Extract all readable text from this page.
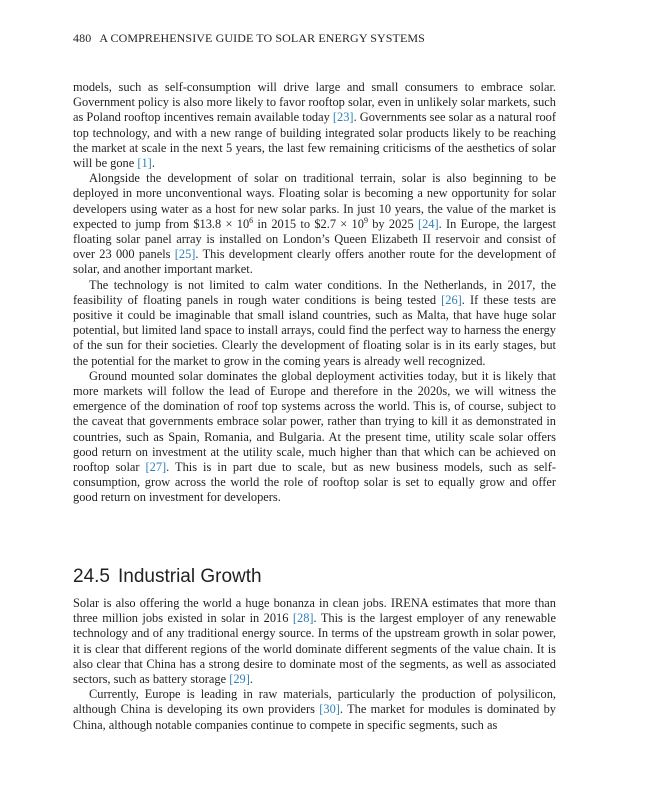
480 A COMPREHENSIVE GUIDE TO SOLAR ENERGY SYSTEMS

models, such as self-consumption will drive large and small consumers to embrace solar. Government policy is also more likely to favor rooftop solar, even in unlikely solar markets, such as Poland rooftop incentives remain available today [23]. Governments see solar as a natural roof top technology, and with a new range of building integrated solar products likely to be reaching the market at scale in the next 5 years, the last few remaining criticisms of the aesthetics of solar will be gone [1].

Alongside the development of solar on traditional terrain, solar is also beginning to be deployed in more unconventional ways. Floating solar is becoming a new opportunity for solar developers using water as a host for new solar parks. In just 10 years, the value of the market is expected to jump from $13.8 × $10^6$ in 2015 to $2.7 × $10^9$ by 2025 [24]. In Europe, the largest floating solar panel array is installed on London’s Queen Elizabeth II reservoir and consist of over 23 000 panels [25]. This development clearly offers another route for the development of solar, and another important market.

The technology is not limited to calm water conditions. In the Netherlands, in 2017, the feasibility of floating panels in rough water conditions is being tested [26]. If these tests are positive it could be imaginable that small island countries, such as Malta, that have huge solar potential, but limited land space to install arrays, could find the perfect way to harness the energy of the sun for their societies. Clearly the development of floating solar is in its early stages, but the potential for the market to grow in the coming years is already well recognized.

Ground mounted solar dominates the global deployment activities today, but it is likely that more markets will follow the lead of Europe and therefore in the 2020s, we will witness the emergence of the domination of roof top systems across the world. This is, of course, subject to the caveat that governments embrace solar power, rather than trying to kill it as demonstrated in countries, such as Spain, Romania, and Bulgaria. At the present time, utility scale solar offers good return on investment at the utility scale, much higher than that which can be achieved on rooftop solar [27]. This is in part due to scale, but as new business models, such as self-consumption, grow across the world the role of rooftop solar is set to equally grow and offer good return on investment for developers.

24.5 Industrial Growth

Solar is also offering the world a huge bonanza in clean jobs. IRENA estimates that more than three million jobs existed in solar in 2016 [28]. This is the largest employer of any renewable technology and of any traditional energy source. In terms of the upstream growth in solar power, it is clear that different regions of the world dominate different segments of the value chain. It is also clear that China has a strong desire to dominate most of the segments, as well as associated sectors, such as battery storage [29].

Currently, Europe is leading in raw materials, particularly the production of polysilicon, although China is developing its own providers [30]. The market for modules is dominated by China, although notable companies continue to compete in specific segments, such as
